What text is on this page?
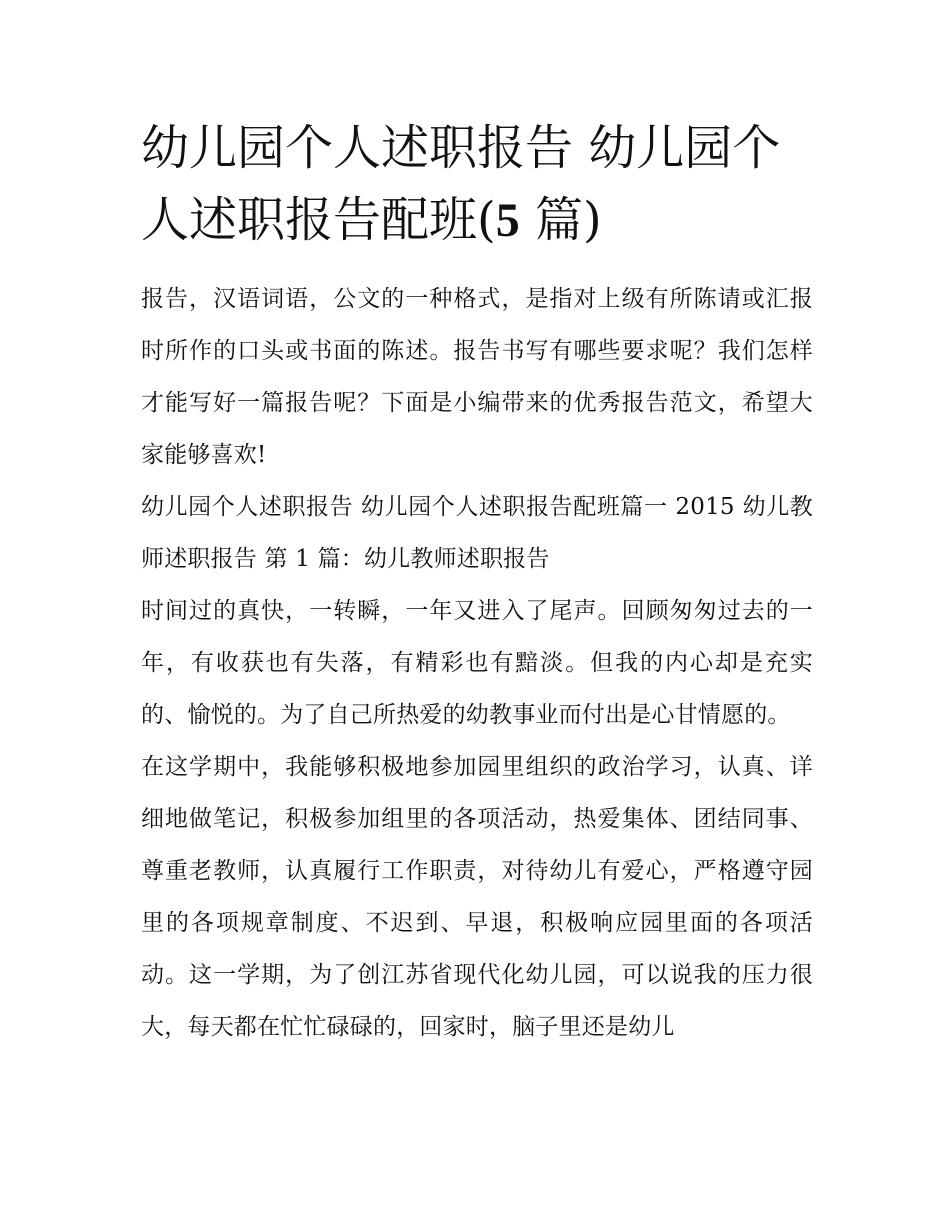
幼儿园个人述职报告 幼儿园个人述职报告配班(5 篇)

报告，汉语词语，公文的一种格式，是指对上级有所陈请或汇报时所作的口头或书面的陈述。报告书写有哪些要求呢？我们怎样才能写好一篇报告呢？下面是小编带来的优秀报告范文，希望大家能够喜欢!

幼儿园个人述职报告 幼儿园个人述职报告配班篇一 2015 幼儿教师述职报告 第 1 篇：幼儿教师述职报告

时间过的真快，一转瞬，一年又进入了尾声。回顾匆匆过去的一年，有收获也有失落，有精彩也有黯淡。但我的内心却是充实的、愉悦的。为了自己所热爱的幼教事业而付出是心甘情愿的。

在这学期中，我能够积极地参加园里组织的政治学习，认真、详细地做笔记，积极参加组里的各项活动，热爱集体、团结同事、尊重老教师，认真履行工作职责，对待幼儿有爱心，严格遵守园里的各项规章制度、不迟到、早退，积极响应园里面的各项活动。这一学期，为了创江苏省现代化幼儿园，可以说我的压力很大，每天都在忙忙碌碌的，回家时，脑子里还是幼儿
